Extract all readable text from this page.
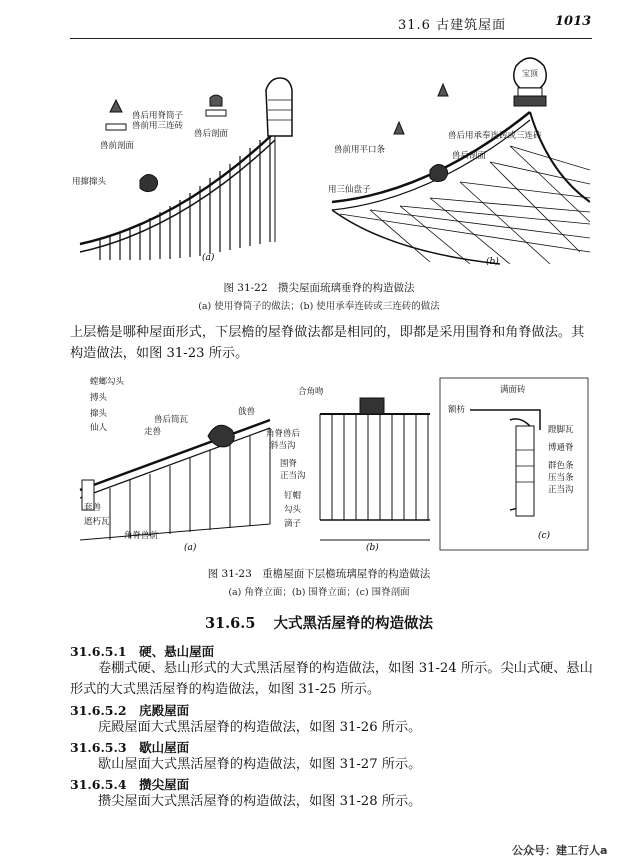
31.6 古建筑屋面	1013
兽后用脊筒子
兽前用三连砖
兽后剖面
兽前剖面
用撺撺头
(a)
宝顶
兽后用承奉连砖或三连砖
兽前用平口条
兽后剖面
用三仙盘子
(b)
图 31-22　攒尖屋面琉璃垂脊的构造做法
(a) 使用脊筒子的做法；(b) 使用承奉连砖或三连砖的做法
上层檐是哪种屋面形式，下层檐的屋脊做法都是相同的，即都是采用围脊和角脊做法。其
构造做法，如图 31-23 所示。
螳螂勾头
搏头
撺头
仙人	走兽
兽后筒瓦
戗兽
套兽
遮朽瓦
角脊兽前
(a)
合角吻
角脊兽后
斜当沟
围脊
正当沟
钉帽
勾头
滴子
(b)
满面砖
额枋
蹬脚瓦
博通脊
群色条
压当条
正当沟
(c)
图 31-23　重檐屋面下层檐琉璃屋脊的构造做法
(a) 角脊立面；(b) 围脊立面；(c) 围脊剖面
31.6.5 大式黑活屋脊的构造做法
31.6.5.1　 硬、悬山屋面
卷棚式硬、悬山形式的大式黑活屋脊的构造做法，如图 31-24 所示。尖山式硬、悬山
形式的大式黑活屋脊的构造做法，如图 31-25 所示。
31.6.5.2　 庑殿屋面
庑殿屋面大式黑活屋脊的构造做法，如图 31-26 所示。
31.6.5.3　 歇山屋面
歇山屋面大式黑活屋脊的构造做法，如图 31-27 所示。
31.6.5.4　 攒尖屋面
攒尖屋面大式黑活屋脊的构造做法，如图 31-28 所示。
公众号：建工行人a
